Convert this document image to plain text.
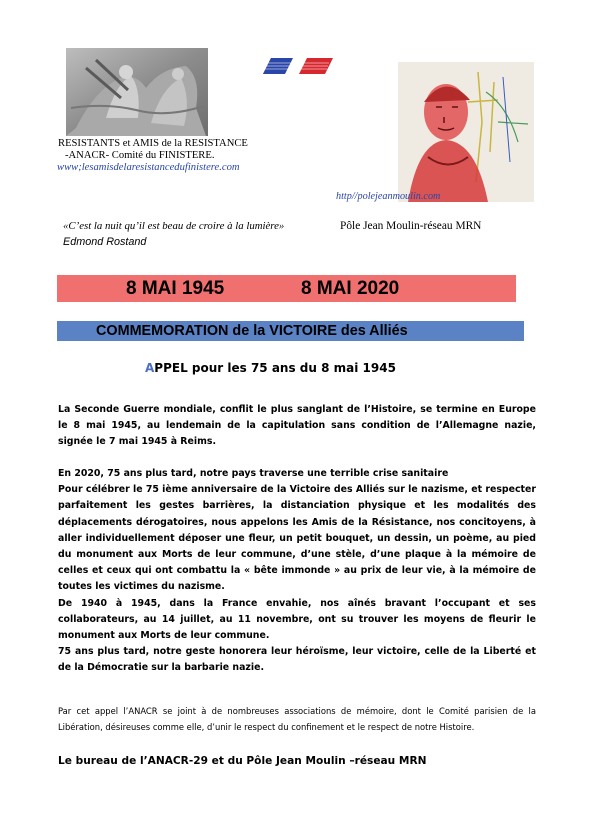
RESISTANTS et AMIS de la RESISTANCE
-ANACR- Comité du FINISTERE.
www;lesamisdelaresistancedufinistere.com
http//polejeanmoulin.com
«C’est la nuit qu’il est beau de croire à la lumière»
Edmond Rostand
Pôle Jean Moulin-réseau MRN
8 MAI 1945	8 MAI 2020
COMMEMORATION de la VICTOIRE des Alliés
APPEL pour les 75 ans du 8 mai 1945

La Seconde Guerre mondiale, conflit le plus sanglant de l’Histoire, se termine en Europe le 8 mai 1945, au lendemain de la capitulation sans condition de l’Allemagne nazie, signée le 7 mai 1945 à Reims.

En 2020, 75 ans plus tard, notre pays traverse une terrible crise sanitaire

Pour célébrer le 75 ième anniversaire de la Victoire des Alliés sur le nazisme, et respecter parfaitement les gestes barrières, la distanciation physique et les modalités des déplacements dérogatoires, nous appelons les Amis de la Résistance, nos concitoyens, à aller individuellement déposer une fleur, un petit bouquet, un dessin, un poème, au pied du monument aux Morts de leur commune, d’une stèle, d’une plaque à la mémoire de celles et ceux qui ont combattu la « bête immonde » au prix de leur vie, à la mémoire de toutes les victimes du nazisme.

De 1940 à 1945, dans la France envahie, nos aînés bravant l’occupant et ses collaborateurs, au 14 juillet, au 11 novembre, ont su trouver les moyens de fleurir le monument aux Morts de leur commune.

75 ans plus tard, notre geste honorera leur héroïsme, leur victoire, celle de la Liberté et de la Démocratie sur la barbarie nazie.

Par cet appel l’ANACR se joint à de nombreuses associations de mémoire, dont le Comité parisien de la Libération, désireuses comme elle, d’unir le respect du confinement et le respect de notre Histoire.

Le bureau de l’ANACR-29 et du Pôle Jean Moulin –réseau MRN
